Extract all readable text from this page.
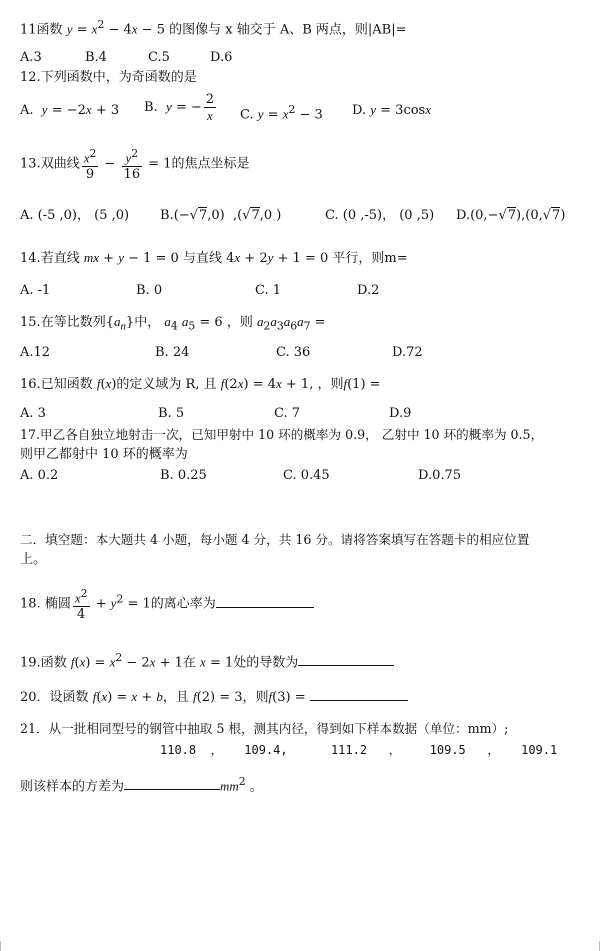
11函数 $y = x^2 - 4x - 5$ 的图像与 x 轴交于 A、B 两点，则|AB|=
A.3	B.4	C.5	D.6
12.下列函数中，为奇函数的是
A. y = −2x + 3 B. y = − $\frac{2}{x} C$. $y = x^2 - 3$ D. y = 3cosx
13.双曲线 $\frac{x^2}{9} - \frac{y^2}{16} = 1$的焦点坐标是
A. (-5 ,0)， (5 ,0) B.(−√7,0)  ,(√7,0 )	C. (0 ,-5)， (0 ,5) D.(0,−√7),(0,√7)
14.若直线 mx + y − 1 = 0 与直线 4x + 2y + 1 = 0 平行，则m=
A. -1	B. 0	C. 1	D.2
15.在等比数列$\{a_n\}$中， $a_4$ $a_5 = 6$ ，则 $a_2a_3a_6a_7$ =
A.12	B. 24	C. 36	D.72
16.已知函数 f(x)的定义域为 R, 且 f(2x) = 4x + 1, ，则f(1) =
A. 3	B. 5	C. 7	D.9
17.甲乙各自独立地射击一次，已知甲射中 10 环的概率为 0.9， 乙射中 10 环的概率为 0.5，
则甲乙都射中 10 环的概率为
A. 0.2	B. 0.25	C. 0.45	D.0.75
二．填空题：本大题共 4 小题，每小题 4 分，共 16 分。请将答案填写在答题卡的相应位置
上。
18. 椭圆 $\frac{x^2}{4} + y^2 = 1$的离心率为
19.函数 $f(x) = x^2 - 2x + 1$在 x = 1处的导数为
20．设函数 f(x) = x + b，且 f(2) = 3，则f(3) =
21．从一批相同型号的钢管中抽取 5 根，测其内径，得到如下样本数据（单位：mm）;
110.8  ，   109.4,      111.2   ，    109.5   ，   109.1
则该样本的方差为	$mm^2$ 。
